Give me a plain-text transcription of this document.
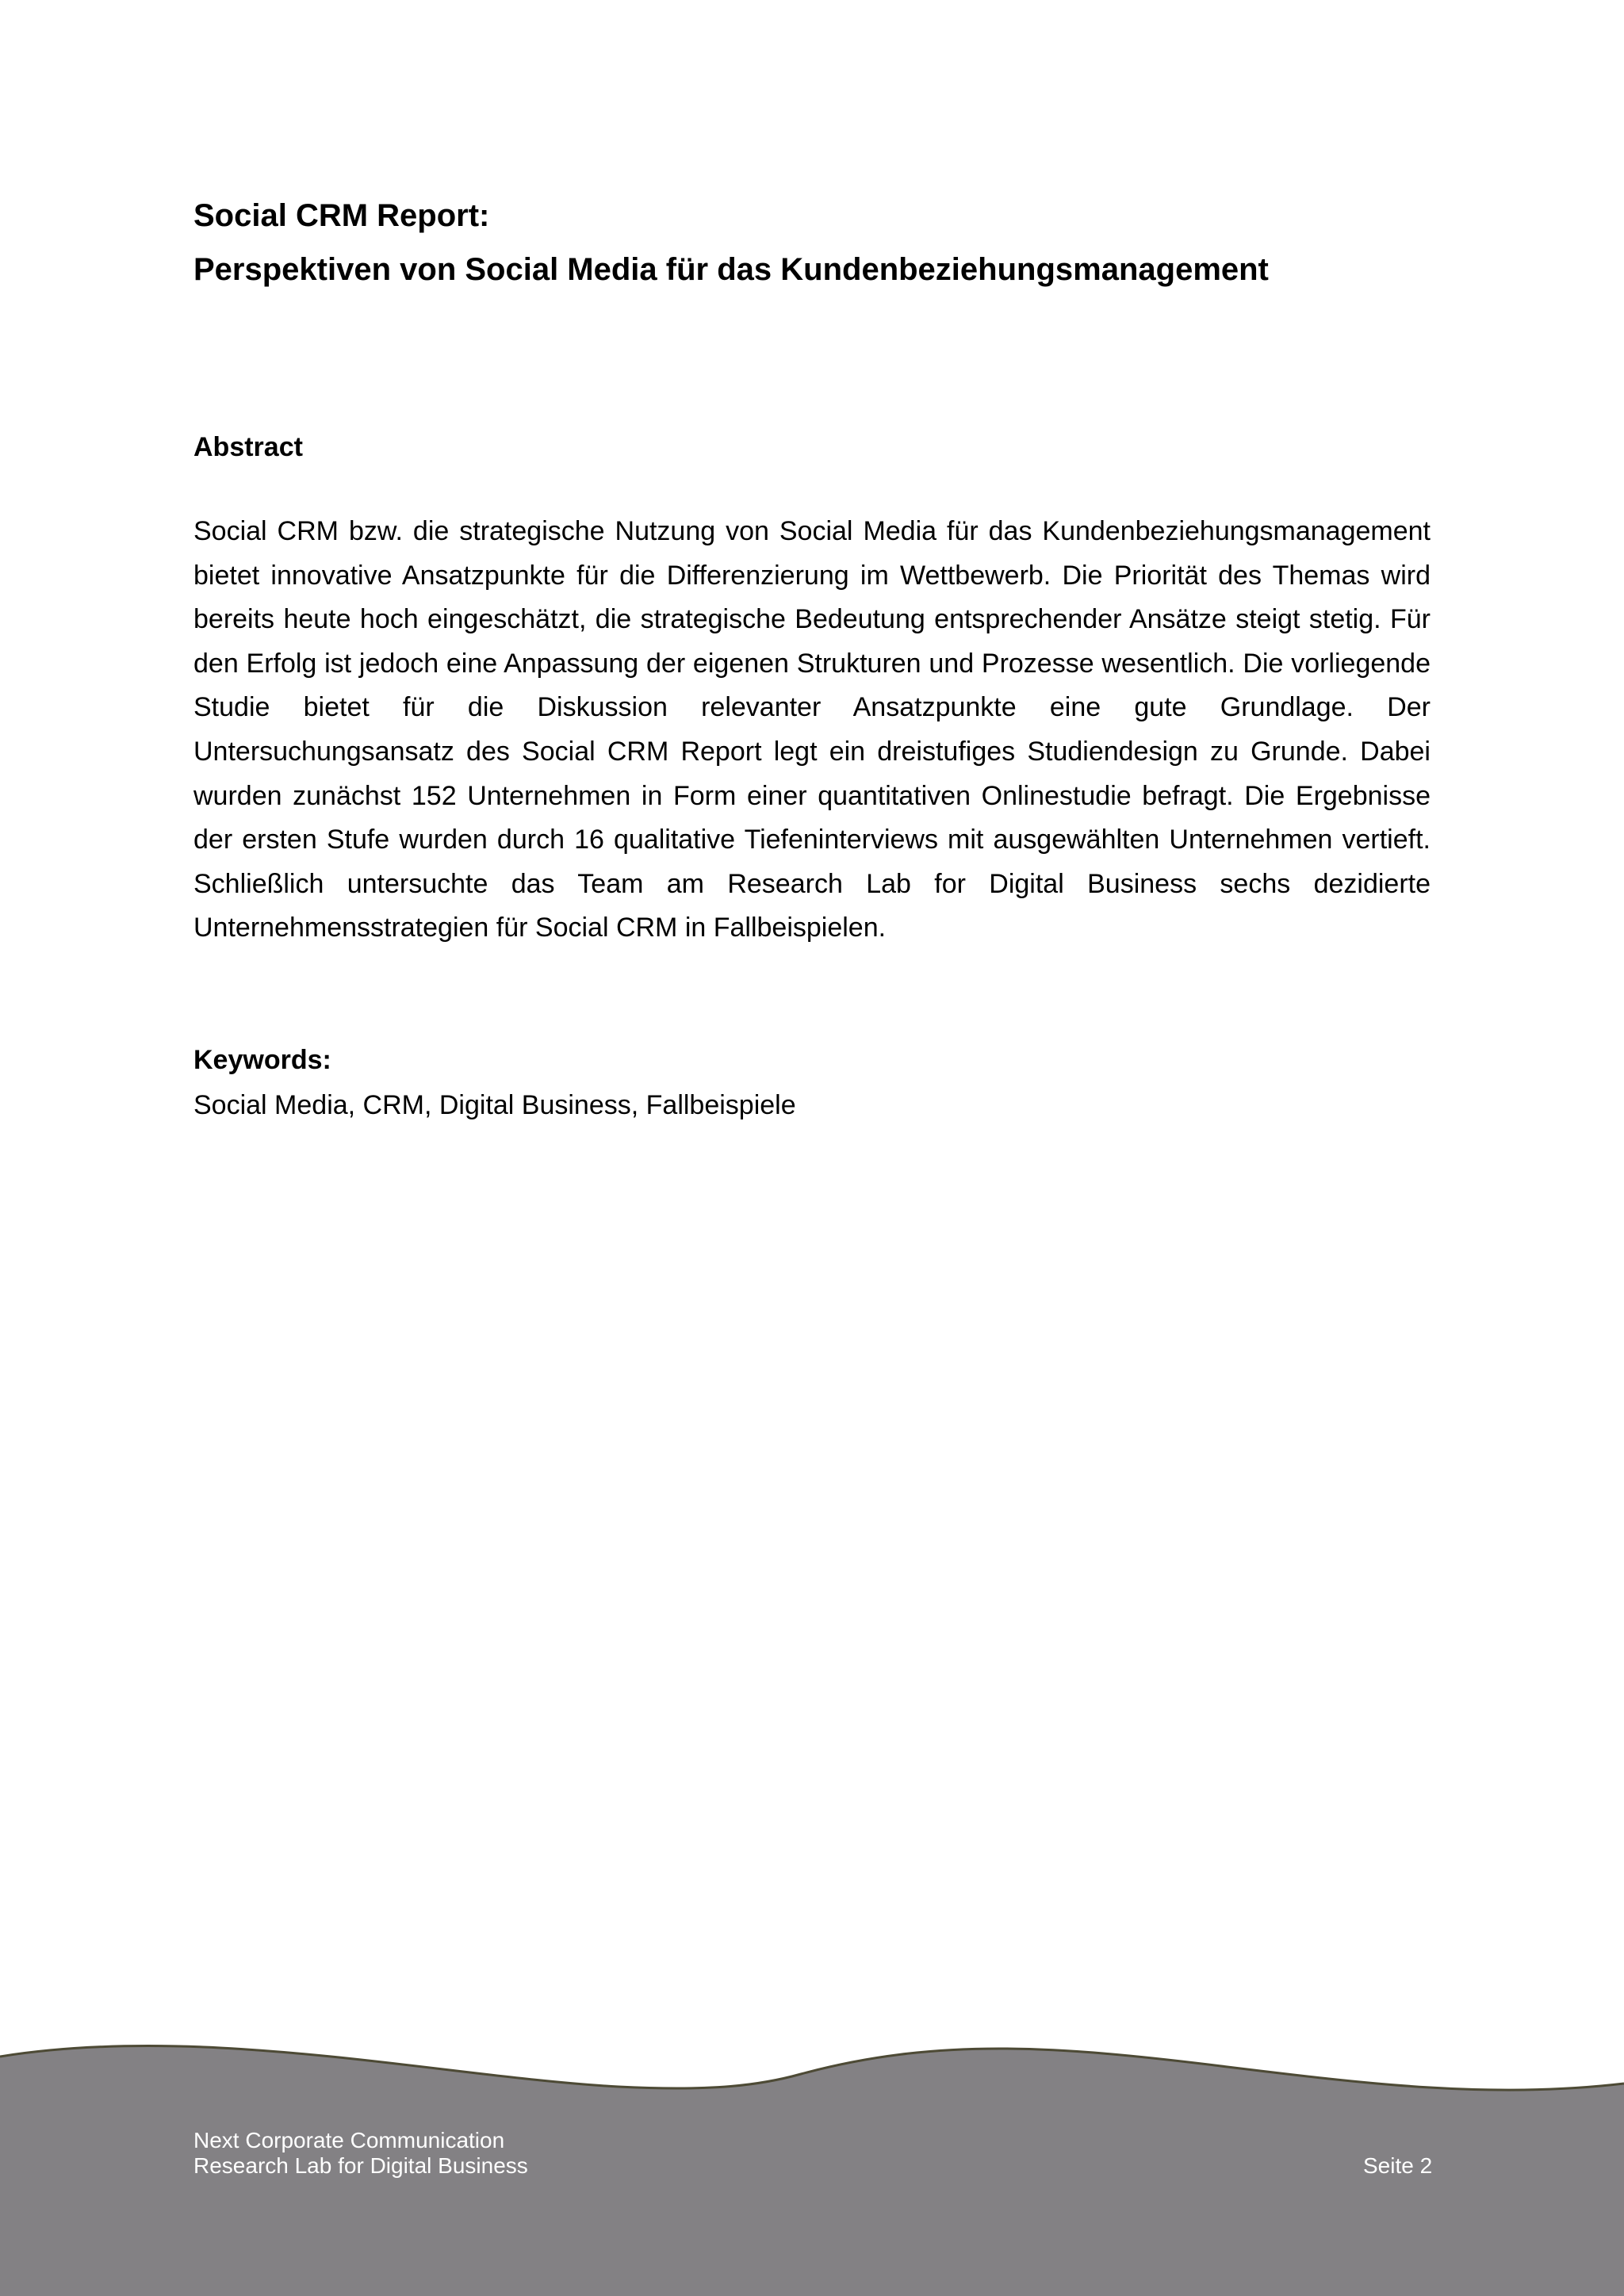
Social CRM Report:
Perspektiven von Social Media für das Kundenbeziehungsmanagement
Abstract

Social CRM bzw. die strategische Nutzung von Social Media für das Kundenbeziehungsmanagement bietet innovative Ansatzpunkte für die Differenzierung im Wettbewerb. Die Priorität des Themas wird bereits heute hoch eingeschätzt, die strategische Bedeutung entsprechender Ansätze steigt stetig. Für den Erfolg ist jedoch eine Anpassung der eigenen Strukturen und Prozesse wesentlich. Die vorliegende Studie bietet für die Diskussion relevanter Ansatzpunkte eine gute Grundlage. Der Untersuchungsansatz des Social CRM Report legt ein dreistufiges Studiendesign zu Grunde. Dabei wurden zunächst 152 Unternehmen in Form einer quantitativen Onlinestudie befragt. Die Ergebnisse der ersten Stufe wurden durch 16 qualitative Tiefeninterviews mit ausgewählten Unternehmen vertieft. Schließlich untersuchte das Team am Research Lab for Digital Business sechs dezidierte Unternehmensstrategien für Social CRM in Fallbeispielen.

Keywords:

Social Media, CRM, Digital Business, Fallbeispiele

Next Corporate Communication
Research Lab for Digital Business	Seite 2
